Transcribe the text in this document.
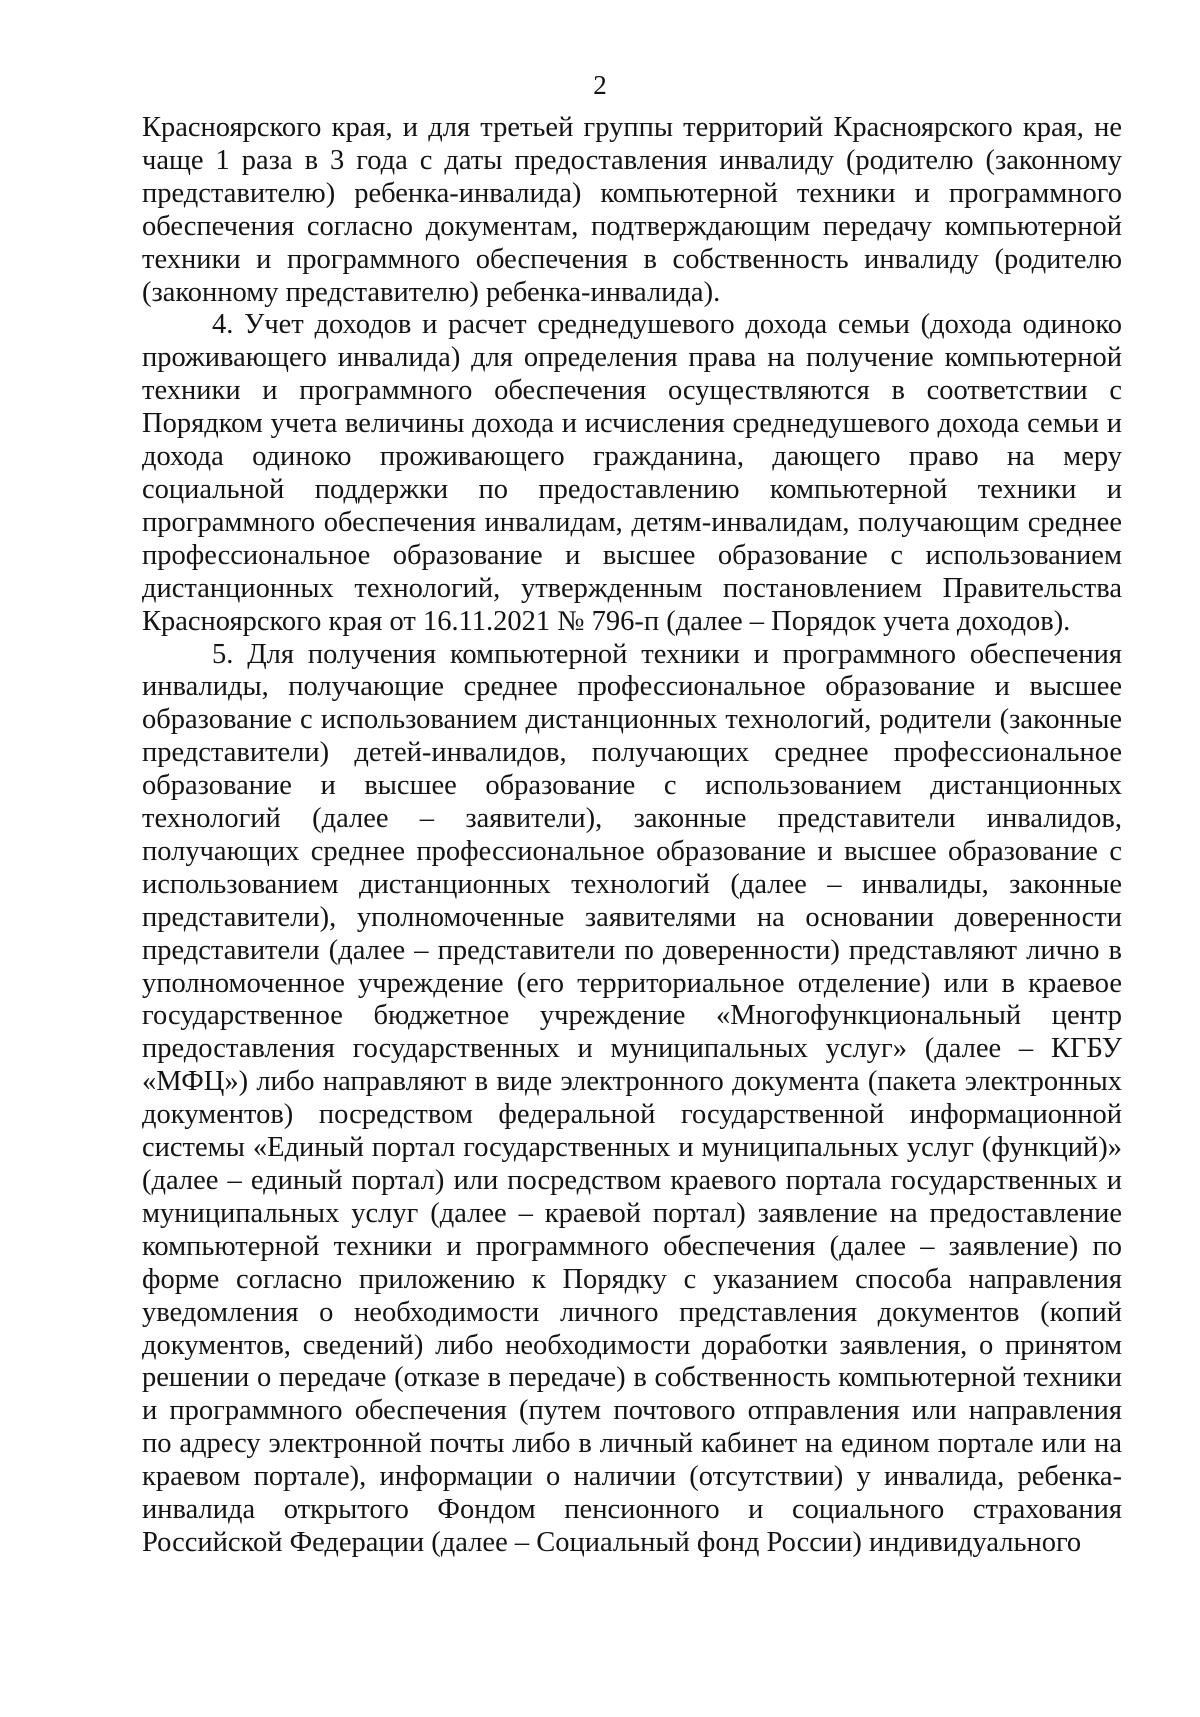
2

Красноярского края, и для третьей группы территорий Красноярского края, не чаще 1 раза в 3 года с даты предоставления инвалиду (родителю (законному представителю) ребенка-инвалида) компьютерной техники и программного обеспечения согласно документам, подтверждающим передачу компьютерной техники и программного обеспечения в собственность инвалиду (родителю (законному представителю) ребенка-инвалида).

4. Учет доходов и расчет среднедушевого дохода семьи (дохода одиноко проживающего инвалида) для определения права на получение компьютерной техники и программного обеспечения осуществляются в соответствии с Порядком учета величины дохода и исчисления среднедушевого дохода семьи и дохода одиноко проживающего гражданина, дающего право на меру социальной поддержки по предоставлению компьютерной техники и программного обеспечения инвалидам, детям-инвалидам, получающим среднее профессиональное образование и высшее образование с использованием дистанционных технологий, утвержденным постановлением Правительства Красноярского края от 16.11.2021 № 796-п (далее – Порядок учета доходов).

5. Для получения компьютерной техники и программного обеспечения инвалиды, получающие среднее профессиональное образование и высшее образование с использованием дистанционных технологий, родители (законные представители) детей-инвалидов, получающих среднее профессиональное образование и высшее образование с использованием дистанционных технологий (далее – заявители), законные представители инвалидов, получающих среднее профессиональное образование и высшее образование с использованием дистанционных технологий (далее – инвалиды, законные представители), уполномоченные заявителями на основании доверенности представители (далее – представители по доверенности) представляют лично в уполномоченное учреждение (его территориальное отделение) или в краевое государственное бюджетное учреждение «Многофункциональный центр предоставления государственных и муниципальных услуг» (далее – КГБУ «МФЦ») либо направляют в виде электронного документа (пакета электронных документов) посредством федеральной государственной информационной системы «Единый портал государственных и муниципальных услуг (функций)» (далее – единый портал) или посредством краевого портала государственных и муниципальных услуг (далее – краевой портал) заявление на предоставление компьютерной техники и программного обеспечения (далее – заявление) по форме согласно приложению к Порядку с указанием способа направления уведомления о необходимости личного представления документов (копий документов, сведений) либо необходимости доработки заявления, о принятом решении о передаче (отказе в передаче) в собственность компьютерной техники и программного обеспечения (путем почтового отправления или направления по адресу электронной почты либо в личный кабинет на едином портале или на краевом портале), информации о наличии (отсутствии) у инвалида, ребенка-инвалида открытого Фондом пенсионного и социального страхования Российской Федерации (далее – Социальный фонд России) индивидуального
